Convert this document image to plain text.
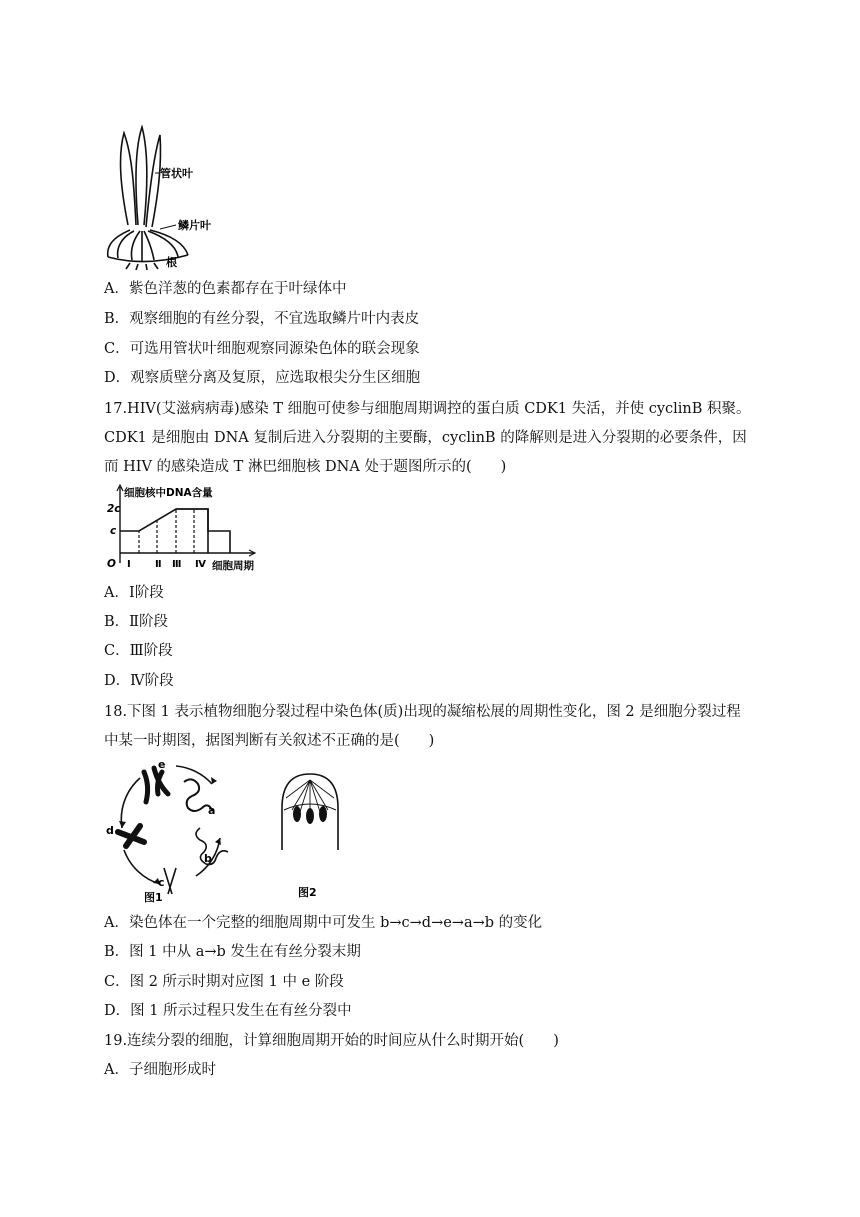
管状叶
鳞片叶
根
A．紫色洋葱的色素都存在于叶绿体中
B．观察细胞的有丝分裂，不宜选取鳞片叶内表皮
C．可选用管状叶细胞观察同源染色体的联会现象
D．观察质壁分离及复原，应选取根尖分生区细胞
17.HIV(艾滋病病毒)感染 T 细胞可使参与细胞周期调控的蛋白质 CDK1 失活，并使 cyclinB 积聚。
CDK1 是细胞由 DNA 复制后进入分裂期的主要酶，cyclinB 的降解则是进入分裂期的必要条件，因
而 HIV 的感染造成 T 淋巴细胞核 DNA 处于题图所示的(　　)
细胞核中DNA含量
2c
c
O Ⅰ Ⅱ Ⅲ Ⅳ 细胞周期
A．Ⅰ阶段
B．Ⅱ阶段
C．Ⅲ阶段
D．Ⅳ阶段
18.下图 1 表示植物细胞分裂过程中染色体(质)出现的凝缩松展的周期性变化，图 2 是细胞分裂过程
中某一时期图，据图判断有关叙述不正确的是(　　)
a
b
c
d
e
图1	图2
A．染色体在一个完整的细胞周期中可发生 b→c→d→e→a→b 的变化
B．图 1 中从 a→b 发生在有丝分裂末期
C．图 2 所示时期对应图 1 中 e 阶段
D．图 1 所示过程只发生在有丝分裂中
19.连续分裂的细胞，计算细胞周期开始的时间应从什么时期开始(　　)
A．子细胞形成时
